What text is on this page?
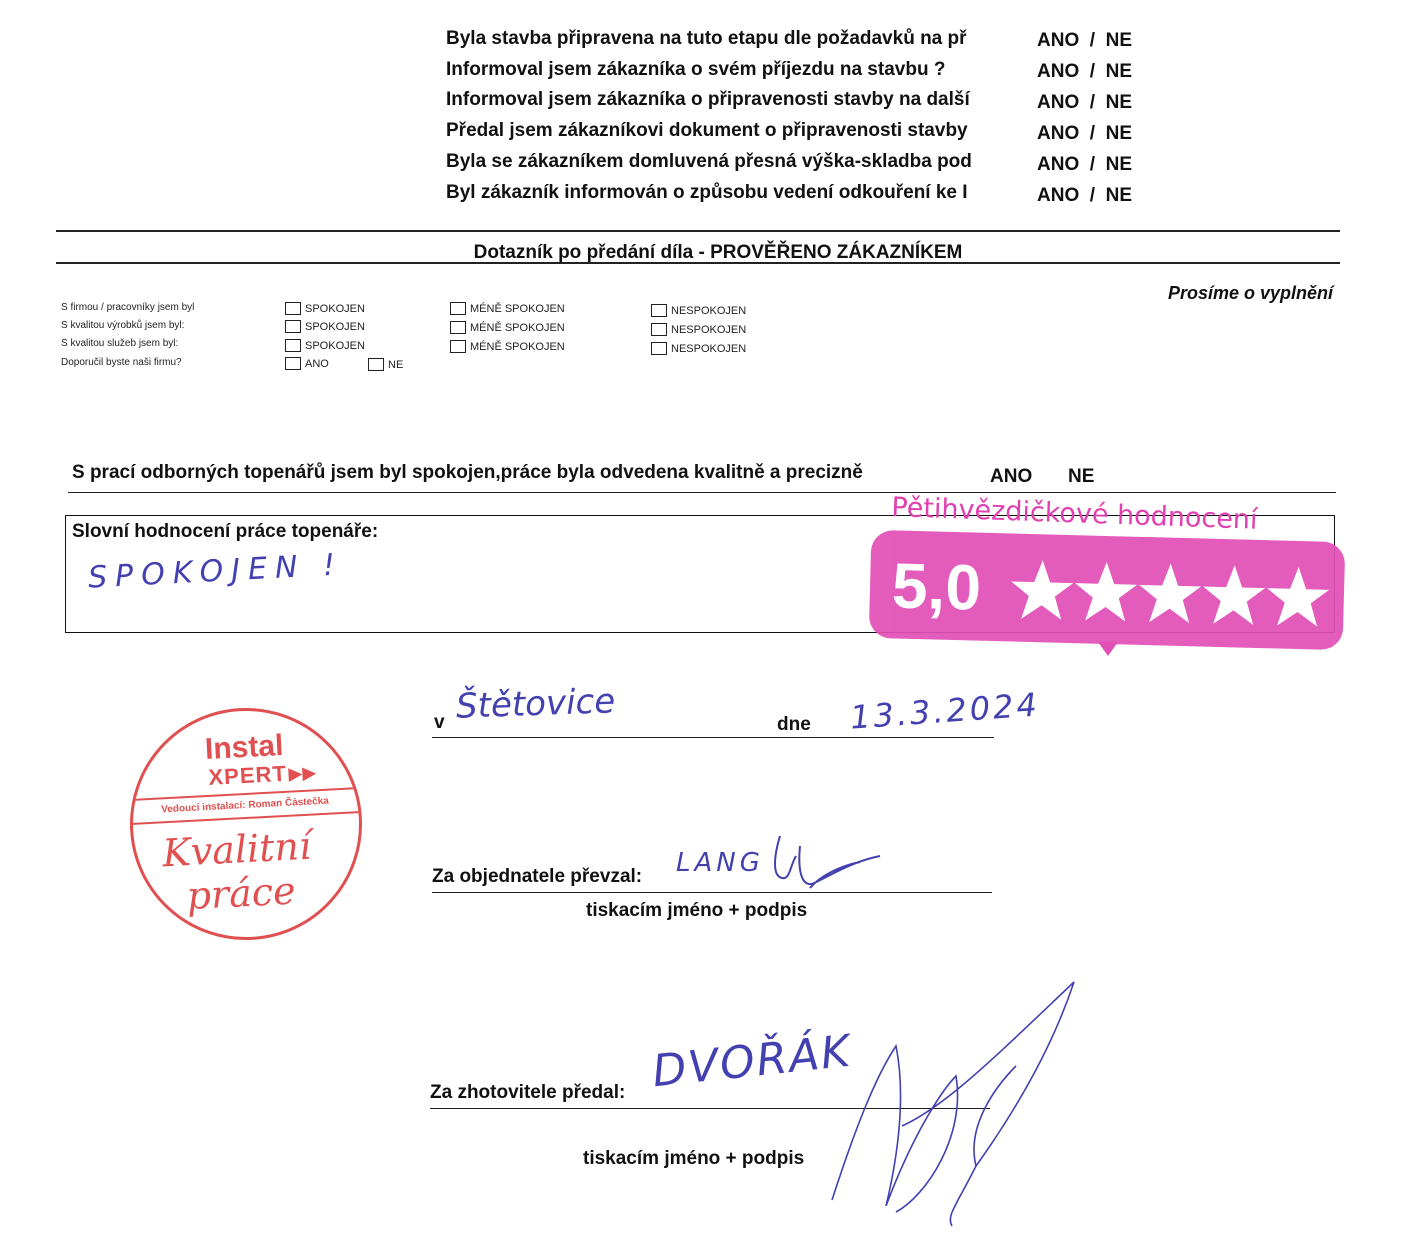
Byla stavba připravena na tuto etapu dle požadavků na př	ANO / NE
Informoval jsem zákazníka o svém příjezdu na stavbu ?	ANO / NE
Informoval jsem zákazníka o připravenosti stavby na další	ANO / NE
Předal jsem zákazníkovi dokument o připravenosti stavby	ANO / NE
Byla se zákazníkem domluvená přesná výška-skladba pod	ANO / NE
Byl zákazník informován o způsobu vedení odkouření ke I	ANO / NE
Dotazník po předání díla - PROVĚŘENO ZÁKAZNÍKEM
Prosíme o vyplnění
S firmou / pracovníky jsem byl	SPOKOJEN	MÉNĚ SPOKOJEN	NESPOKOJEN
S kvalitou výrobků jsem byl:	SPOKOJEN	MÉNĚ SPOKOJEN	NESPOKOJEN
S kvalitou služeb jsem byl:	SPOKOJEN	MÉNĚ SPOKOJEN	NESPOKOJEN
Doporučil byste naši firmu?	ANO	NE
S prací odborných topenářů jsem byl spokojen,práce byla odvedena kvalitně a precizně	ANO NE
Slovní hodnocení práce topenáře:
SPOKOJEN !
Pětihvězdičkové hodnocení
5,0
v Štětovice	dne 13.3.2024
Instal
XPERT ▶▶
Vedoucí instalací: Roman Částečka
Kvalitní
práce	Za objednatele převzal: LANG
tiskacím jméno + podpis
DVOŘÁK
Za zhotovitele předal:
tiskacím jméno + podpis
